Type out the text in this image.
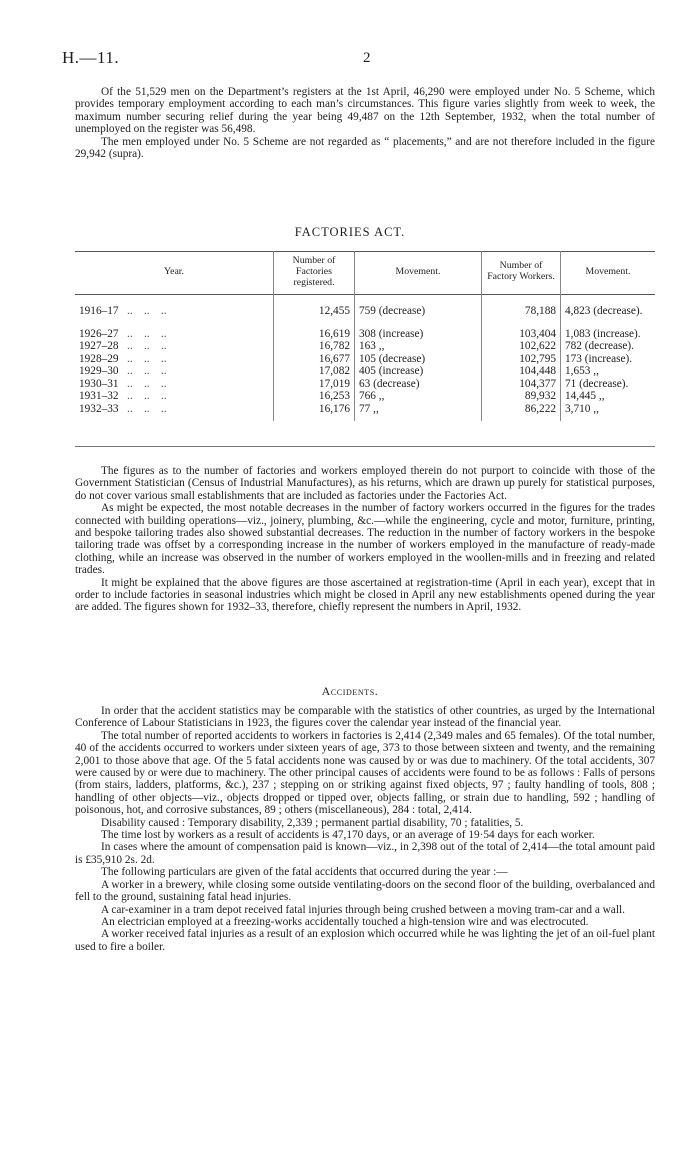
H.—11.	2

Of the 51,529 men on the Department’s registers at the 1st April, 46,290 were employed under No. 5 Scheme, which provides temporary employment according to each man’s circumstances. This figure varies slightly from week to week, the maximum number securing relief during the year being 49,487 on the 12th September, 1932, when the total number of unemployed on the register was 56,498.

The men employed under No. 5 Scheme are not regarded as “ placements,” and are not therefore included in the figure 29,942 (supra).

FACTORIES ACT.
Year.	Number of Factories registered.	Movement.	Number of Factory Workers.	Movement.
1916–17   ..    ..    ..	12,455	759 (decrease)	78,188	4,823 (decrease).

1926–27   ..    ..    ..	16,619	308 (increase)	103,404	1,083 (increase).
1927–28   ..    ..    ..	16,782	163 ,,	102,622	782 (decrease).
1928–29   ..    ..    ..	16,677	105 (decrease)	102,795	173 (increase).
1929–30   ..    ..    ..	17,082	405 (increase)	104,448	1,653 ,,
1930–31   ..    ..    ..	17,019	63 (decrease)	104,377	71 (decrease).
1931–32   ..    ..    ..	16,253	766 ,,	89,932	14,445 ,,
1932–33   ..    ..    ..	16,176	77 ,,	86,222	3,710 ,,

The figures as to the number of factories and workers employed therein do not purport to coincide with those of the Government Statistician (Census of Industrial Manufactures), as his returns, which are drawn up purely for statistical purposes, do not cover various small establishments that are included as factories under the Factories Act.

As might be expected, the most notable decreases in the number of factory workers occurred in the figures for the trades connected with building operations—viz., joinery, plumbing, &c.—while the engineering, cycle and motor, furniture, printing, and bespoke tailoring trades also showed substantial decreases. The reduction in the number of factory workers in the bespoke tailoring trade was offset by a corresponding increase in the number of workers employed in the manufacture of ready-made clothing, while an increase was observed in the number of workers employed in the woollen-mills and in freezing and related trades.

It might be explained that the above figures are those ascertained at registration-time (April in each year), except that in order to include factories in seasonal industries which might be closed in April any new establishments opened during the year are added. The figures shown for 1932–33, therefore, chiefly represent the numbers in April, 1932.

Accidents.

In order that the accident statistics may be comparable with the statistics of other countries, as urged by the International Conference of Labour Statisticians in 1923, the figures cover the calendar year instead of the financial year.

The total number of reported accidents to workers in factories is 2,414 (2,349 males and 65 females). Of the total number, 40 of the accidents occurred to workers under sixteen years of age, 373 to those between sixteen and twenty, and the remaining 2,001 to those above that age. Of the 5 fatal accidents none was caused by or was due to machinery. Of the total accidents, 307 were caused by or were due to machinery. The other principal causes of accidents were found to be as follows : Falls of persons (from stairs, ladders, platforms, &c.), 237 ; stepping on or striking against fixed objects, 97 ; faulty handling of tools, 808 ; handling of other objects—viz., objects dropped or tipped over, objects falling, or strain due to handling, 592 ; handling of poisonous, hot, and corrosive substances, 89 ; others (miscellaneous), 284 : total, 2,414.

Disability caused : Temporary disability, 2,339 ; permanent partial disability, 70 ; fatalities, 5.

The time lost by workers as a result of accidents is 47,170 days, or an average of 19·54 days for each worker.

In cases where the amount of compensation paid is known—viz., in 2,398 out of the total of 2,414—the total amount paid is £35,910 2s. 2d.

The following particulars are given of the fatal accidents that occurred during the year :—

A worker in a brewery, while closing some outside ventilating-doors on the second floor of the building, overbalanced and fell to the ground, sustaining fatal head injuries.

A car-examiner in a tram depot received fatal injuries through being crushed between a moving tram-car and a wall.

An electrician employed at a freezing-works accidentally touched a high-tension wire and was electrocuted.

A worker received fatal injuries as a result of an explosion which occurred while he was lighting the jet of an oil-fuel plant used to fire a boiler.
